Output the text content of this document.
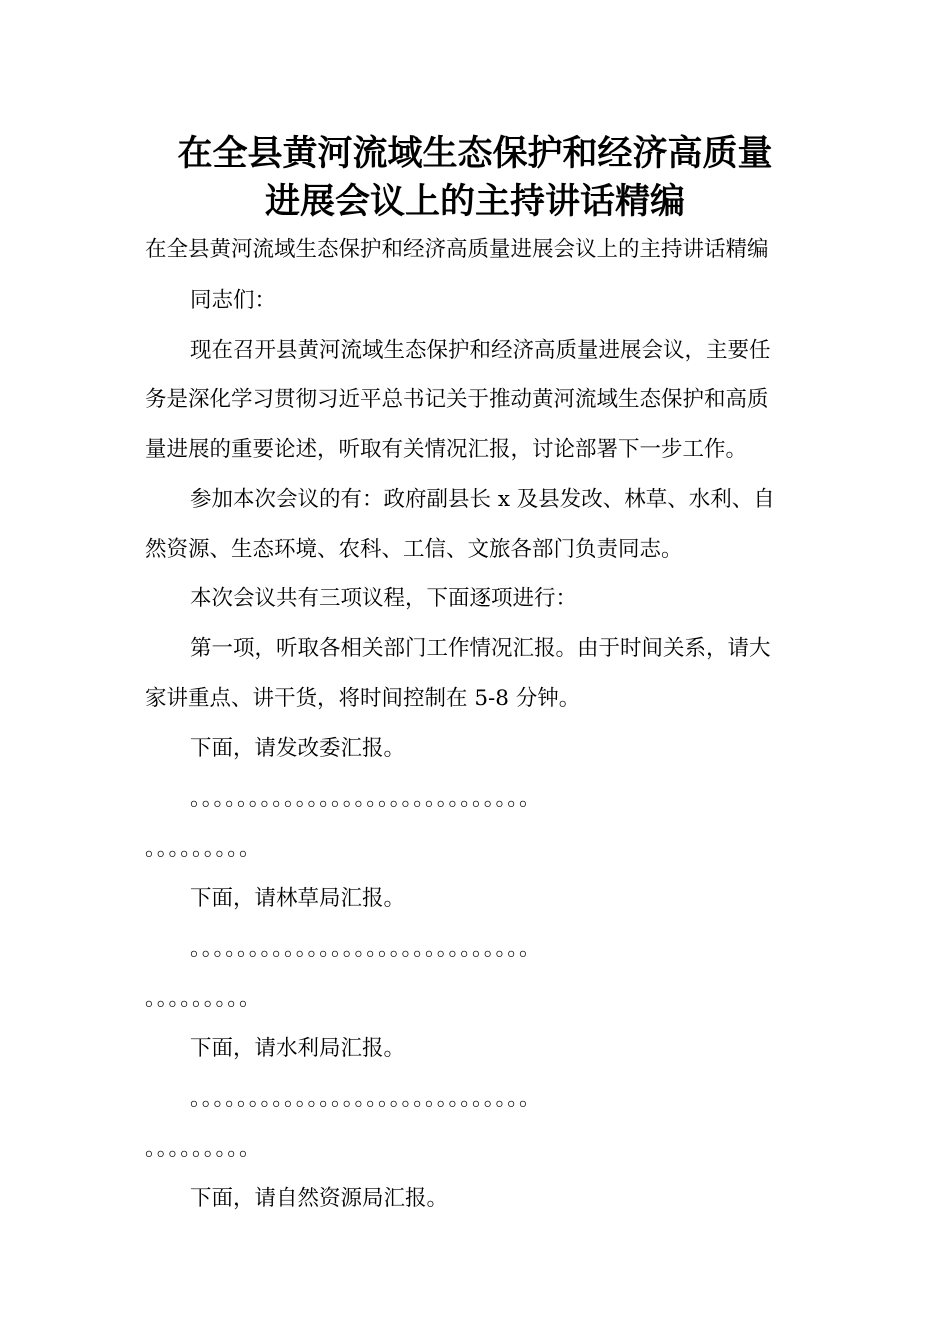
在全县黄河流域生态保护和经济高质量
进展会议上的主持讲话精编
在全县黄河流域生态保护和经济高质量进展会议上的主持讲话精编
同志们：
现在召开县黄河流域生态保护和经济高质量进展会议，主要任
务是深化学习贯彻习近平总书记关于推动黄河流域生态保护和高质
量进展的重要论述，听取有关情况汇报，讨论部署下一步工作。
参加本次会议的有：政府副县长 x 及县发改、林草、水利、自
然资源、生态环境、农科、工信、文旅各部门负责同志。
本次会议共有三项议程，下面逐项进行：
第一项，听取各相关部门工作情况汇报。由于时间关系，请大
家讲重点、讲干货，将时间控制在 5-8 分钟。
下面，请发改委汇报。
。。。。。。。。。。。。。。。。。。。。。。。。。。。。。
。。。。。。。。。
下面，请林草局汇报。
。。。。。。。。。。。。。。。。。。。。。。。。。。。。。
。。。。。。。。。
下面，请水利局汇报。
。。。。。。。。。。。。。。。。。。。。。。。。。。。。。
。。。。。。。。。
下面，请自然资源局汇报。
